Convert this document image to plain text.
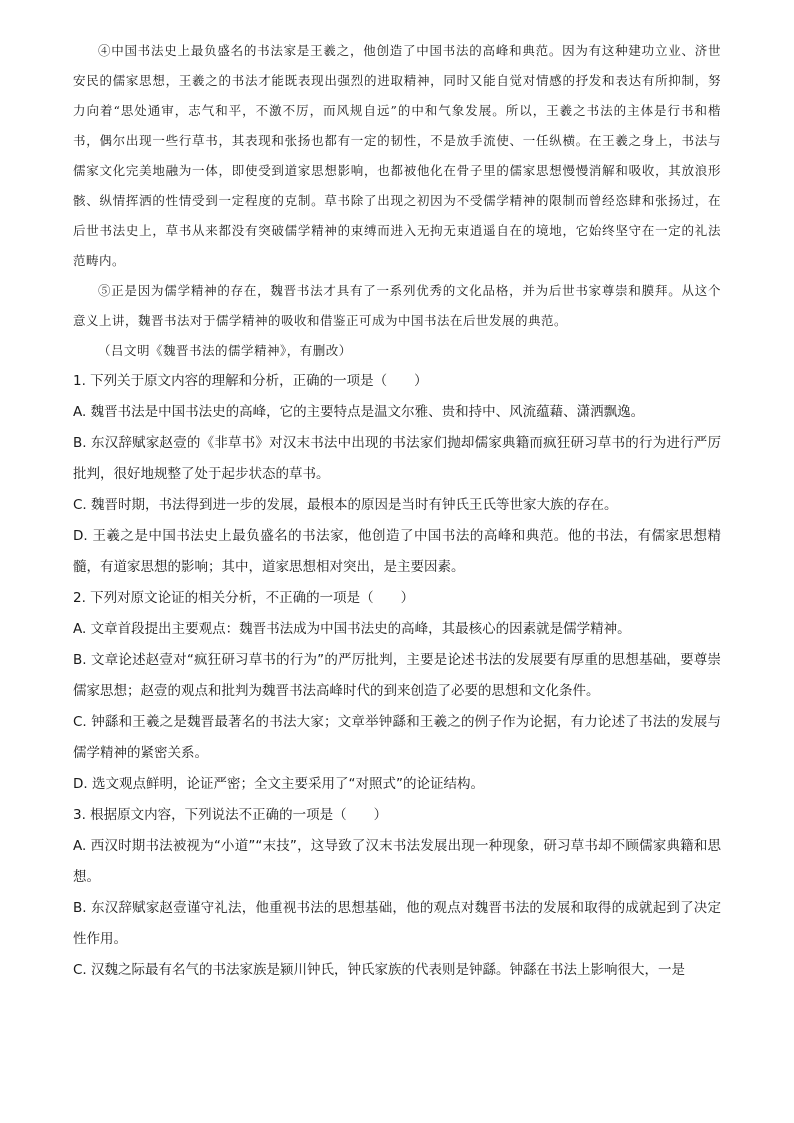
④中国书法史上最负盛名的书法家是王羲之，他创造了中国书法的高峰和典范。因为有这种建功立业、济世安民的儒家思想，王羲之的书法才能既表现出强烈的进取精神，同时又能自觉对情感的抒发和表达有所抑制，努力向着“思处通审，志气和平，不激不厉，而风规自远”的中和气象发展。所以，王羲之书法的主体是行书和楷书，偶尔出现一些行草书，其表现和张扬也都有一定的韧性，不是放手流使、一任纵横。在王羲之身上，书法与儒家文化完美地融为一体，即使受到道家思想影响，也都被他化在骨子里的儒家思想慢慢消解和吸收，其放浪形骸、纵情挥洒的性情受到一定程度的克制。草书除了出现之初因为不受儒学精神的限制而曾经恣肆和张扬过，在后世书法史上，草书从来都没有突破儒学精神的束缚而进入无拘无束逍遥自在的境地，它始终坚守在一定的礼法范畴内。

⑤正是因为儒学精神的存在，魏晋书法才具有了一系列优秀的文化品格，并为后世书家尊崇和膜拜。从这个意义上讲，魏晋书法对于儒学精神的吸收和借鉴正可成为中国书法在后世发展的典范。

（吕文明《魏晋书法的儒学精神》，有删改）

1. 下列关于原文内容的理解和分析，正确的一项是（　　）

A. 魏晋书法是中国书法史的高峰，它的主要特点是温文尔雅、贵和持中、风流蕴藉、潇洒飘逸。

B. 东汉辞赋家赵壹的《非草书》对汉末书法中出现的书法家们抛却儒家典籍而疯狂研习草书的行为进行严厉批判，很好地规整了处于起步状态的草书。

C. 魏晋时期，书法得到进一步的发展，最根本的原因是当时有钟氏王氏等世家大族的存在。

D. 王羲之是中国书法史上最负盛名的书法家，他创造了中国书法的高峰和典范。他的书法，有儒家思想精髓，有道家思想的影响；其中，道家思想相对突出，是主要因素。

2. 下列对原文论证的相关分析，不正确的一项是（　　）

A. 文章首段提出主要观点：魏晋书法成为中国书法史的高峰，其最核心的因素就是儒学精神。

B. 文章论述赵壹对“疯狂研习草书的行为”的严厉批判，主要是论述书法的发展要有厚重的思想基础，要尊崇儒家思想；赵壹的观点和批判为魏晋书法高峰时代的到来创造了必要的思想和文化条件。

C. 钟繇和王羲之是魏晋最著名的书法大家；文章举钟繇和王羲之的例子作为论据，有力论述了书法的发展与儒学精神的紧密关系。

D. 选文观点鲜明，论证严密；全文主要采用了“对照式”的论证结构。

3. 根据原文内容，下列说法不正确的一项是（　　）

A. 西汉时期书法被视为“小道”“末技”，这导致了汉末书法发展出现一种现象，研习草书却不顾儒家典籍和思想。

B. 东汉辞赋家赵壹谨守礼法，他重视书法的思想基础，他的观点对魏晋书法的发展和取得的成就起到了决定性作用。

C. 汉魏之际最有名气的书法家族是颍川钟氏，钟氏家族的代表则是钟繇。钟繇在书法上影响很大，一是
